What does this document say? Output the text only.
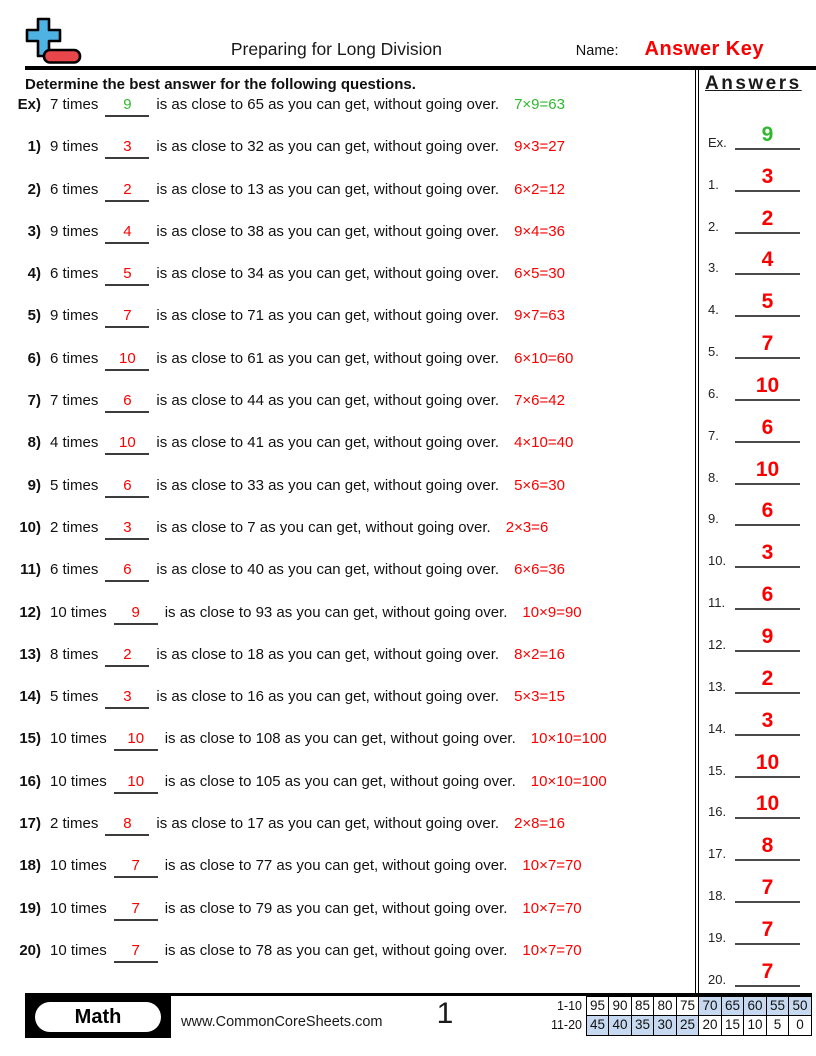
Preparing for Long Division	Name: Answer Key
Determine the best answer for the following questions.
Ex) 7 times	9	is as close to 65 as you can get, without going over. 7×9=63
1) 9 times	3	is as close to 32 as you can get, without going over. 9×3=27
2) 6 times	2	is as close to 13 as you can get, without going over. 6×2=12
3) 9 times	4	is as close to 38 as you can get, without going over. 9×4=36
4) 6 times	5	is as close to 34 as you can get, without going over. 6×5=30
5) 9 times	7	is as close to 71 as you can get, without going over. 9×7=63
6) 6 times	10	is as close to 61 as you can get, without going over. 6×10=60
7) 7 times	6	is as close to 44 as you can get, without going over. 7×6=42
8) 4 times	10	is as close to 41 as you can get, without going over. 4×10=40
9) 5 times	6	is as close to 33 as you can get, without going over. 5×6=30
10) 2 times	3	is as close to 7 as you can get, without going over. 2×3=6
11) 6 times	6	is as close to 40 as you can get, without going over. 6×6=36
12) 10 times	9	is as close to 93 as you can get, without going over. 10×9=90
13) 8 times	2	is as close to 18 as you can get, without going over. 8×2=16
14) 5 times	3	is as close to 16 as you can get, without going over. 5×3=15
15) 10 times	10	is as close to 108 as you can get, without going over. 10×10=100
16) 10 times	10	is as close to 105 as you can get, without going over. 10×10=100
17) 2 times	8	is as close to 17 as you can get, without going over. 2×8=16
18) 10 times	7	is as close to 77 as you can get, without going over. 10×7=70
19) 10 times	7	is as close to 79 as you can get, without going over. 10×7=70
20) 10 times	7	is as close to 78 as you can get, without going over. 10×7=70
Answers
Ex.	9
1.	3
2.	2
3.	4
4.	5
5.	7
6.	10
7.	6
8.	10
9.	6
10.	3
11.	6
12.	9
13.	2
14.	3
15.	10
16.	10
17.	8
18.	7
19.	7
20.	7
Math	www.CommonCoreSheets.com	1	1-10 95 90 85 80 75 70 65 60 55 50
11-20 45 40 35 30 25 20 15 10 5	0
